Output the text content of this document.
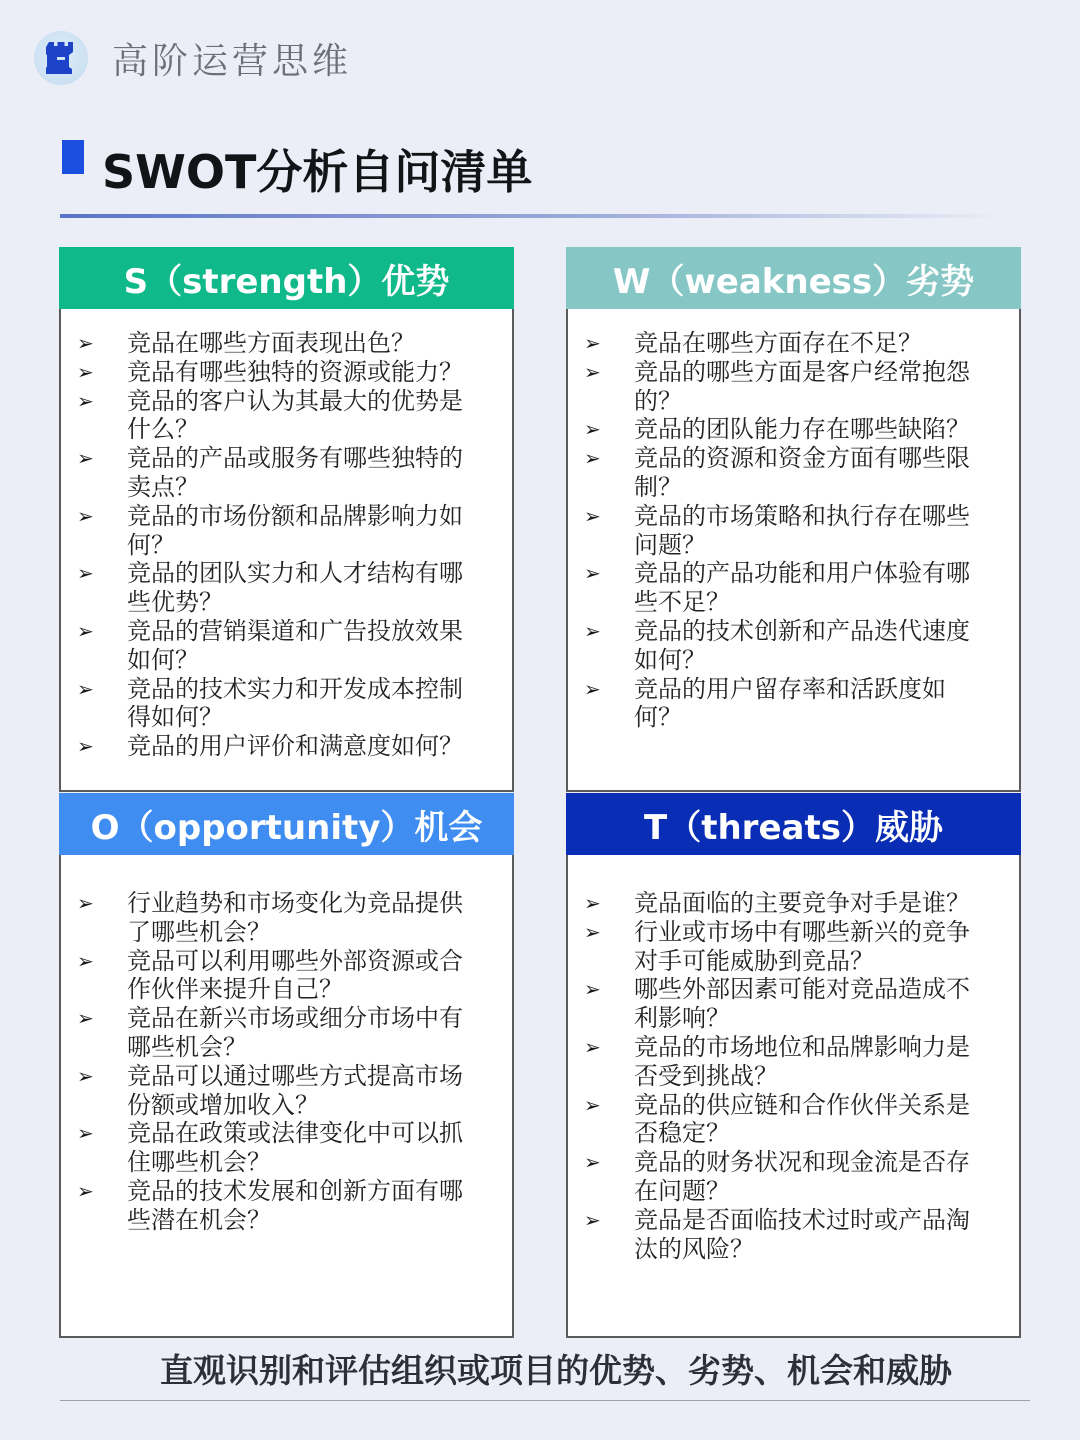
高阶运营思维
SWOT分析自问清单
S（strength）优势
➢	竞品在哪些方面表现出色？
➢	竞品有哪些独特的资源或能力？
➢	竞品的客户认为其最大的优势是什么？
➢	竞品的产品或服务有哪些独特的卖点？
➢	竞品的市场份额和品牌影响力如何？
➢	竞品的团队实力和人才结构有哪些优势？
➢	竞品的营销渠道和广告投放效果如何？
➢	竞品的技术实力和开发成本控制得如何？
➢	竞品的用户评价和满意度如何？
W（weakness）劣势
➢	竞品在哪些方面存在不足？
➢	竞品的哪些方面是客户经常抱怨的？
➢	竞品的团队能力存在哪些缺陷？
➢	竞品的资源和资金方面有哪些限制？
➢	竞品的市场策略和执行存在哪些问题？
➢	竞品的产品功能和用户体验有哪些不足？
➢	竞品的技术创新和产品迭代速度如何？
➢	竞品的用户留存率和活跃度如何？
O（opportunity）机会
➢	行业趋势和市场变化为竞品提供了哪些机会？
➢	竞品可以利用哪些外部资源或合作伙伴来提升自己？
➢	竞品在新兴市场或细分市场中有哪些机会？
➢	竞品可以通过哪些方式提高市场份额或增加收入？
➢	竞品在政策或法律变化中可以抓住哪些机会？
➢	竞品的技术发展和创新方面有哪些潜在机会？
T（threats）威胁
➢	竞品面临的主要竞争对手是谁？
➢	行业或市场中有哪些新兴的竞争对手可能威胁到竞品？
➢	哪些外部因素可能对竞品造成不利影响？
➢	竞品的市场地位和品牌影响力是否受到挑战？
➢	竞品的供应链和合作伙伴关系是否稳定？
➢	竞品的财务状况和现金流是否存在问题？
➢	竞品是否面临技术过时或产品淘汰的风险？
直观识别和评估组织或项目的优势、劣势、机会和威胁
